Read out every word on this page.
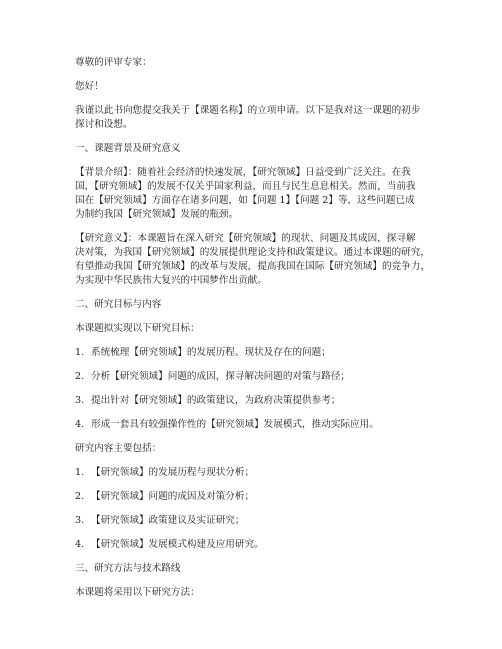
尊敬的评审专家：
您好！
我谨以此书向您提交我关于【课题名称】的立项申请。以下是我对这一课题的初步
探讨和设想。
一、课题背景及研究意义
【背景介绍】：随着社会经济的快速发展，【研究领域】日益受到广泛关注。在我
国，【研究领域】的发展不仅关乎国家利益，而且与民生息息相关。然而，当前我
国在【研究领域】方面存在诸多问题，如【问题 1】【问题 2】等，这些问题已成
为制约我国【研究领域】发展的瓶颈。
【研究意义】：本课题旨在深入研究【研究领域】的现状、问题及其成因，探寻解
决对策，为我国【研究领域】的发展提供理论支持和政策建议。通过本课题的研究，
有望推动我国【研究领域】的改革与发展，提高我国在国际【研究领域】的竞争力，
为实现中华民族伟大复兴的中国梦作出贡献。
二、研究目标与内容
本课题拟实现以下研究目标：
1. 系统梳理【研究领域】的发展历程、现状及存在的问题；
2. 分析【研究领域】问题的成因，探寻解决问题的对策与路径；
3. 提出针对【研究领域】的政策建议，为政府决策提供参考；
4. 形成一套具有较强操作性的【研究领域】发展模式，推动实际应用。
研究内容主要包括：
1. 【研究领域】的发展历程与现状分析；
2. 【研究领域】问题的成因及对策分析；
3. 【研究领域】政策建议及实证研究；
4. 【研究领域】发展模式构建及应用研究。
三、研究方法与技术路线
本课题将采用以下研究方法：
